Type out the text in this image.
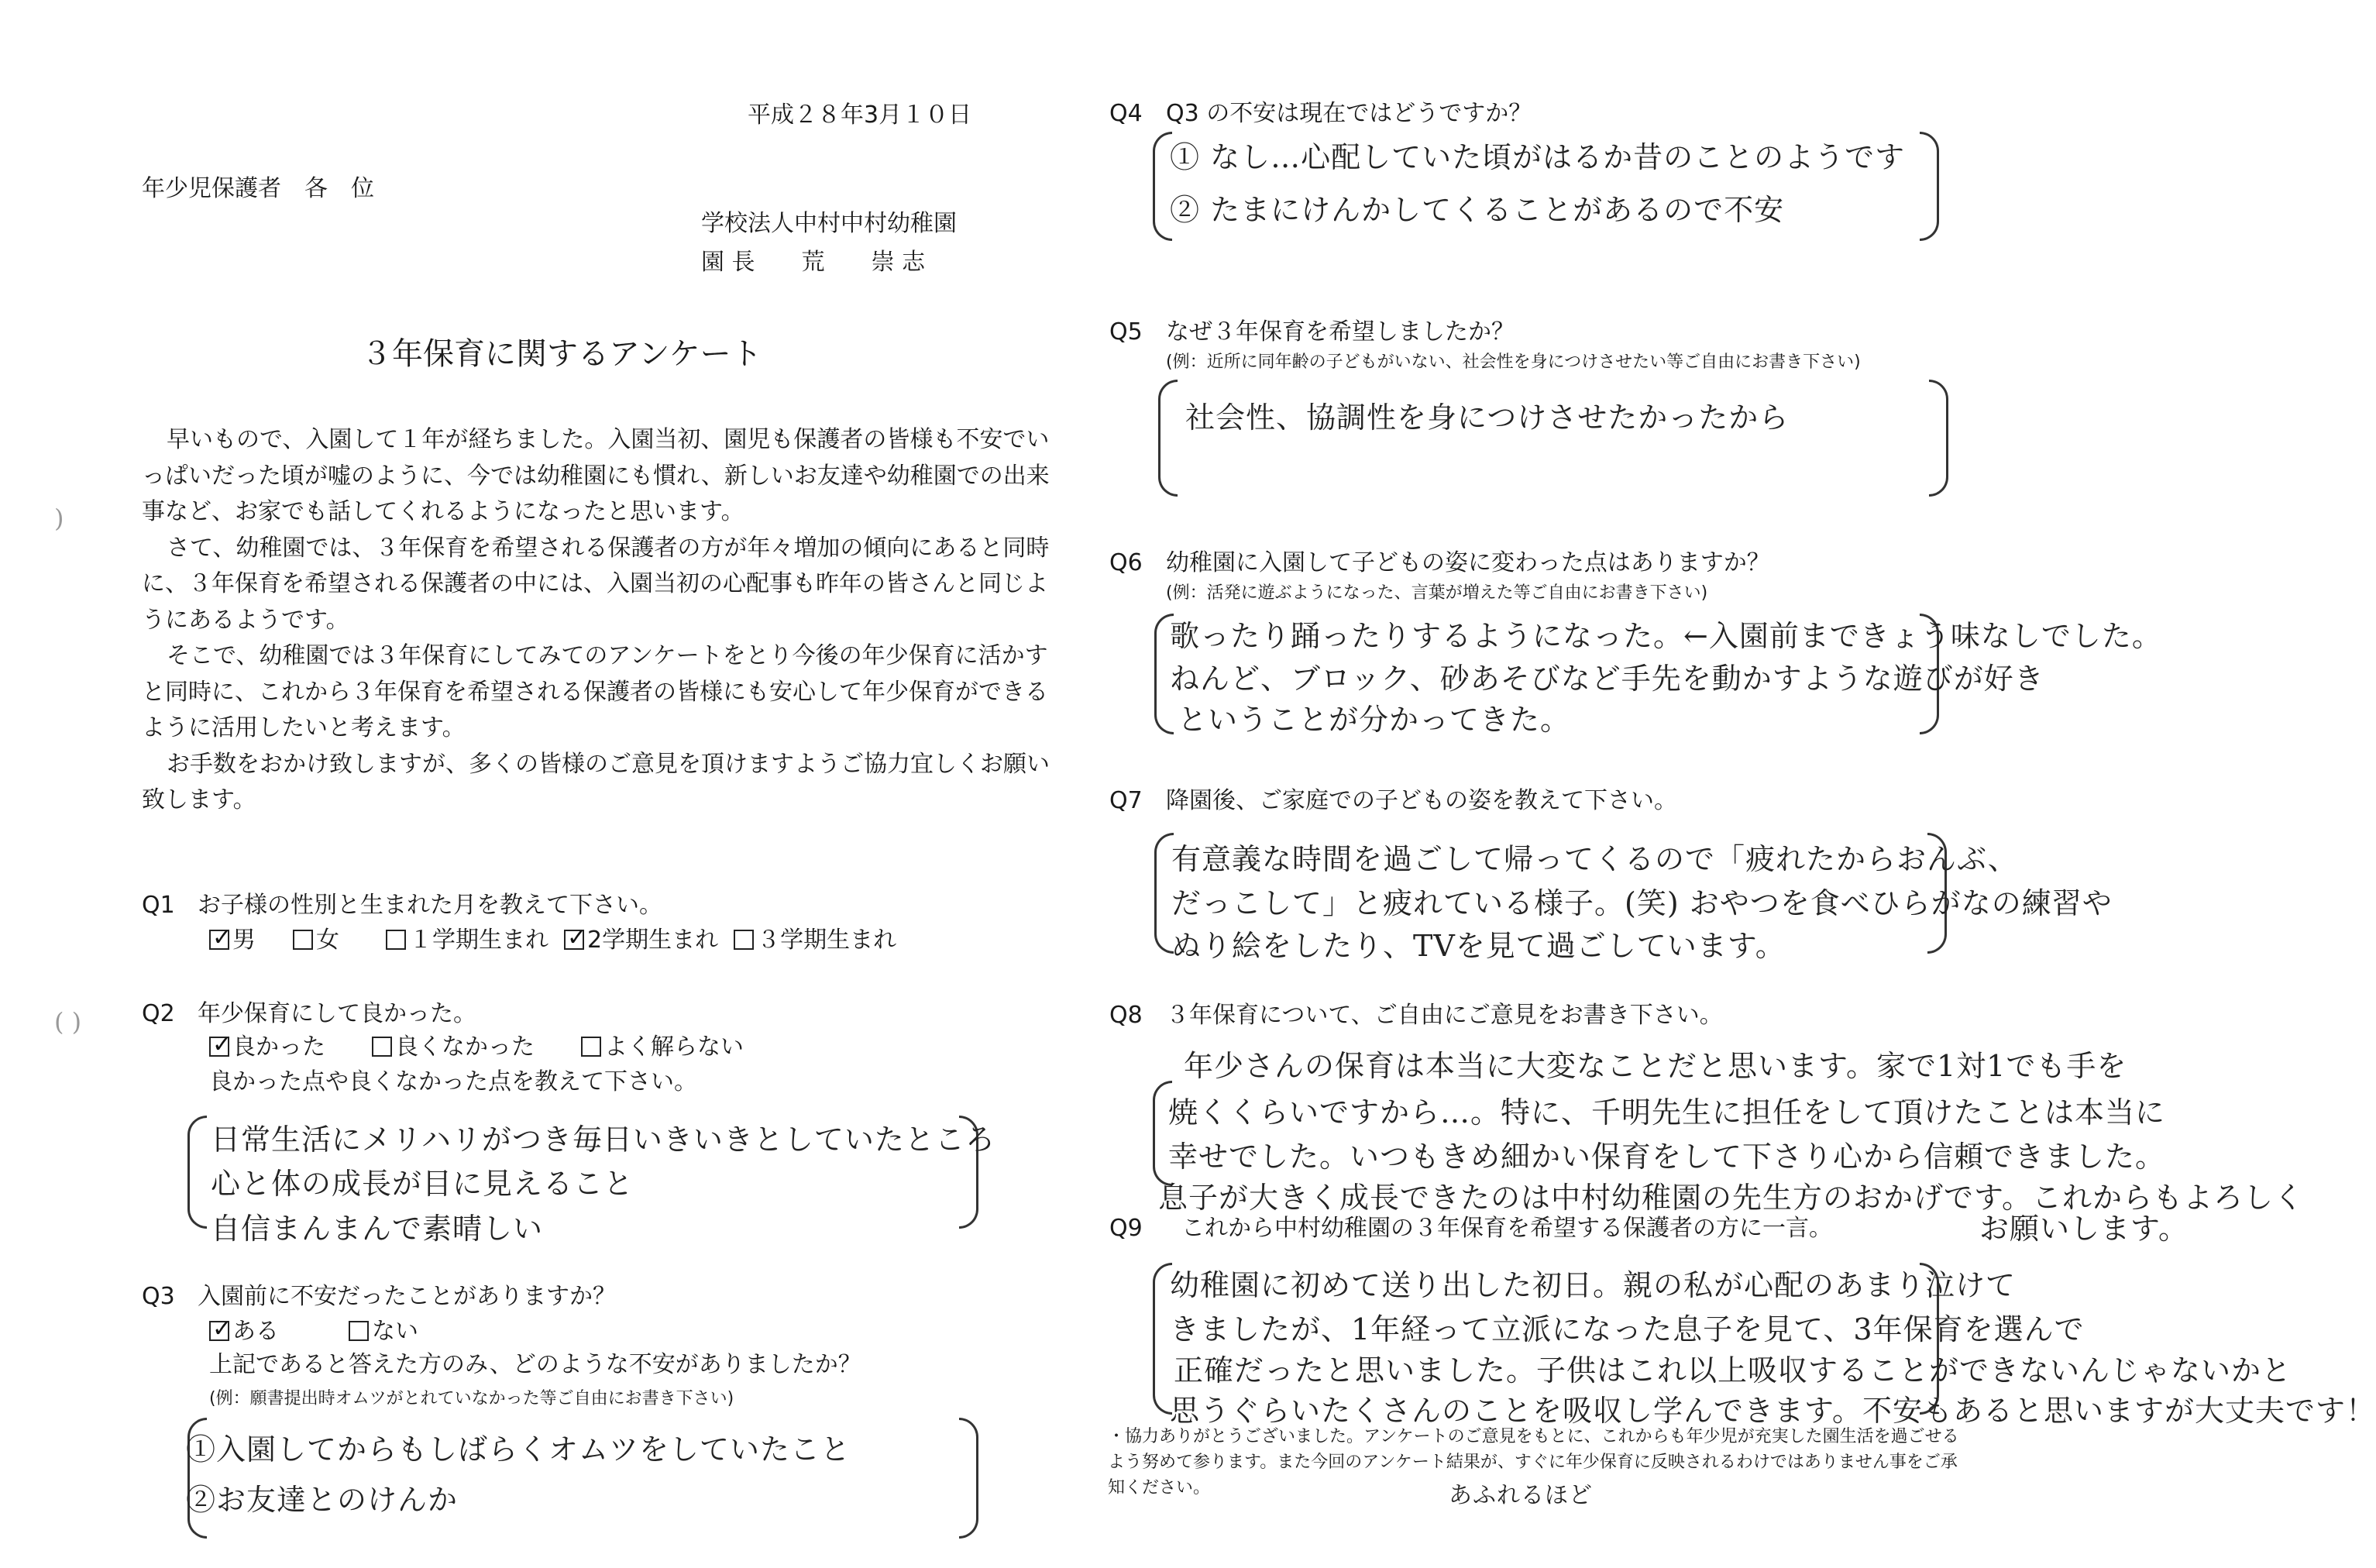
平成２８年3月１０日
年少児保護者　各　位
学校法人中村中村幼稚園
園 長　　荒　　崇 志
３年保育に関するアンケート

早いもので、入園して１年が経ちました。入園当初、園児も保護者の皆様も不安でいっぱいだった頃が嘘のように、今では幼稚園にも慣れ、新しいお友達や幼稚園での出来事など、お家でも話してくれるようになったと思います。

さて、幼稚園では、３年保育を希望される保護者の方が年々増加の傾向にあると同時に、３年保育を希望される保護者の中には、入園当初の心配事も昨年の皆さんと同じようにあるようです。

そこで、幼稚園では３年保育にしてみてのアンケートをとり今後の年少保育に活かすと同時に、これから３年保育を希望される保護者の皆様にも安心して年少保育ができるように活用したいと考えます。

お手数をおかけ致しますが、多くの皆様のご意見を頂けますようご協力宜しくお願い致します。

)
( )
Q1 お子様の性別と生まれた月を教えて下さい。
✓ 男	女	１学期生まれ ✓ 2学期生まれ ３学期生まれ
Q2 年少保育にして良かった。
✓ 良かった	良くなかった	よく解らない
良かった点や良くなかった点を教えて下さい。
日常生活にメリハリがつき毎日いきいきとしていたところ
心と体の成長が目に見えること
自信まんまんで素晴しい
Q3 入園前に不安だったことがありますか？
✓ ある	ない
上記であると答えた方のみ、どのような不安がありましたか？
(例：願書提出時オムツがとれていなかった等ご自由にお書き下さい)
①入園してからもしばらくオムツをしていたこと
②お友達とのけんか
Q4 Q3 の不安は現在ではどうですか？
① なし…心配していた頃がはるか昔のことのようです
② たまにけんかしてくることがあるので不安
Q5 なぜ３年保育を希望しましたか？
(例：近所に同年齢の子どもがいない、社会性を身につけさせたい等ご自由にお書き下さい)
社会性、協調性を身につけさせたかったから
Q6 幼稚園に入園して子どもの姿に変わった点はありますか？
(例：活発に遊ぶようになった、言葉が増えた等ご自由にお書き下さい)
歌ったり踊ったりするようになった。←入園前まできょう味なしでした。
ねんど、ブロック、砂あそびなど手先を動かすような遊びが好き
ということが分かってきた。
Q7 降園後、ご家庭での子どもの姿を教えて下さい。
有意義な時間を過ごして帰ってくるので「疲れたからおんぶ、
だっこして」と疲れている様子。(笑) おやつを食べひらがなの練習や
ぬり絵をしたり、TVを見て過ごしています。
Q8 ３年保育について、ご自由にご意見をお書き下さい。
年少さんの保育は本当に大変なことだと思います。家で1対1でも手を
焼くくらいですから…。特に、千明先生に担任をして頂けたことは本当に
幸せでした。いつもきめ細かい保育をして下さり心から信頼できました。
息子が大きく成長できたのは中村幼稚園の先生方のおかげです。これからもよろしく
お願いします。
Q9 これから中村幼稚園の３年保育を希望する保護者の方に一言。
幼稚園に初めて送り出した初日。親の私が心配のあまり泣けて
きましたが、1年経って立派になった息子を見て、3年保育を選んで
正確だったと思いました。子供はこれ以上吸収することができないんじゃないかと
思うぐらいたくさんのことを吸収し学んできます。不安もあると思いますが大丈夫です！
・協力ありがとうございました。アンケートのご意見をもとに、これからも年少児が充実した園生活を過ごせるよう努めて参ります。また今回のアンケート結果が、すぐに年少保育に反映されるわけではありません事をご承知ください。	あふれるほど
